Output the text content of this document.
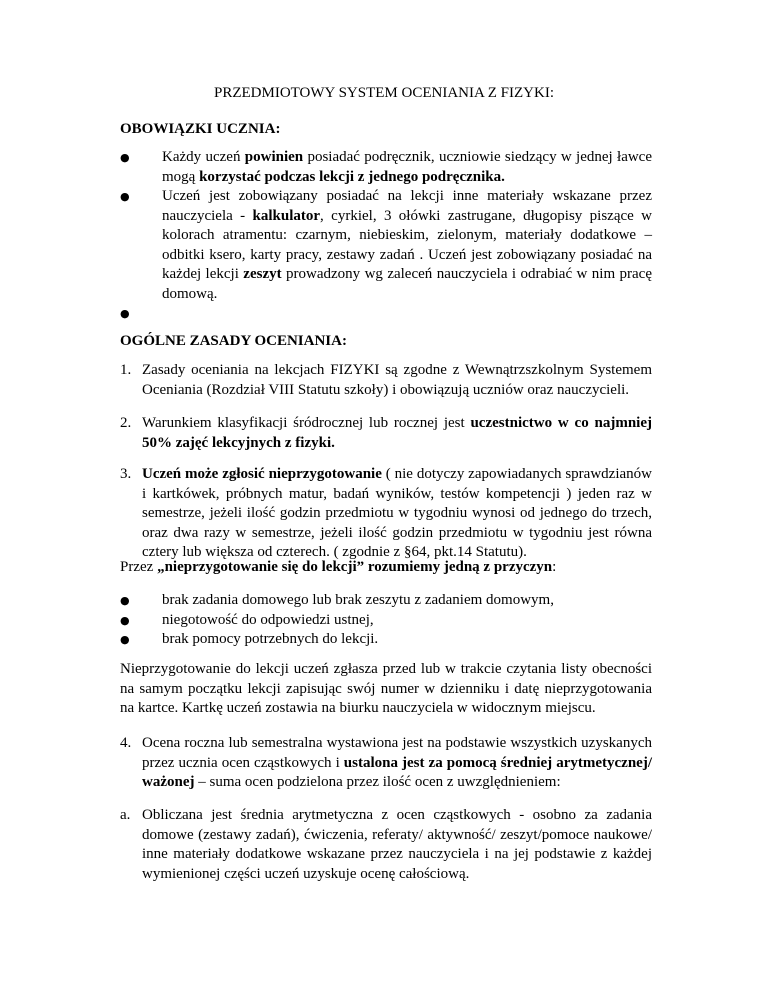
PRZEDMIOTOWY SYSTEM OCENIANIA Z FIZYKI:
OBOWIĄZKI UCZNIA:
●	Każdy uczeń powinien posiadać podręcznik, uczniowie siedzący w jednej ławce mogą korzystać podczas lekcji z jednego podręcznika.
●	Uczeń jest zobowiązany posiadać na lekcji inne materiały wskazane przez nauczyciela - kalkulator, cyrkiel, 3 ołówki zastrugane, długopisy piszące w kolorach atramentu: czarnym, niebieskim, zielonym, materiały dodatkowe – odbitki ksero, karty pracy, zestawy zadań . Uczeń jest zobowiązany posiadać na każdej lekcji zeszyt prowadzony wg zaleceń nauczyciela i odrabiać w nim pracę domową.
●

OGÓLNE ZASADY OCENIANIA:
1. Zasady oceniania na lekcjach FIZYKI są zgodne z Wewnątrzszkolnym Systemem Oceniania (Rozdział VIII Statutu szkoły) i obowiązują uczniów oraz nauczycieli.
2. Warunkiem klasyfikacji śródrocznej lub rocznej jest uczestnictwo w co najmniej 50% zajęć lekcyjnych z fizyki.
3. Uczeń może zgłosić nieprzygotowanie ( nie dotyczy zapowiadanych sprawdzianów i kartkówek, próbnych matur, badań wyników, testów kompetencji ) jeden raz w semestrze, jeżeli ilość godzin przedmiotu w tygodniu wynosi od jednego do trzech, oraz dwa razy w semestrze, jeżeli ilość godzin przedmiotu w tygodniu jest równa cztery lub większa od czterech. ( zgodnie z §64, pkt.14 Statutu).
Przez „nieprzygotowanie się do lekcji” rozumiemy jedną z przyczyn:
●	brak zadania domowego lub brak zeszytu z zadaniem domowym,
●	niegotowość do odpowiedzi ustnej,
●	brak pomocy potrzebnych do lekcji.
Nieprzygotowanie do lekcji uczeń zgłasza przed lub w trakcie czytania listy obecności na samym początku lekcji zapisując swój numer w dzienniku i datę nieprzygotowania na kartce. Kartkę uczeń zostawia na biurku nauczyciela w widocznym miejscu.
4. Ocena roczna lub semestralna wystawiona jest na podstawie wszystkich uzyskanych przez ucznia ocen cząstkowych i ustalona jest za pomocą średniej arytmetycznej/ ważonej – suma ocen podzielona przez ilość ocen z uwzględnieniem:
a. Obliczana jest średnia arytmetyczna z ocen cząstkowych - osobno za zadania domowe (zestawy zadań), ćwiczenia, referaty/ aktywność/ zeszyt/pomoce naukowe/ inne materiały dodatkowe wskazane przez nauczyciela i na jej podstawie z każdej wymienionej części uczeń uzyskuje ocenę całościową.
